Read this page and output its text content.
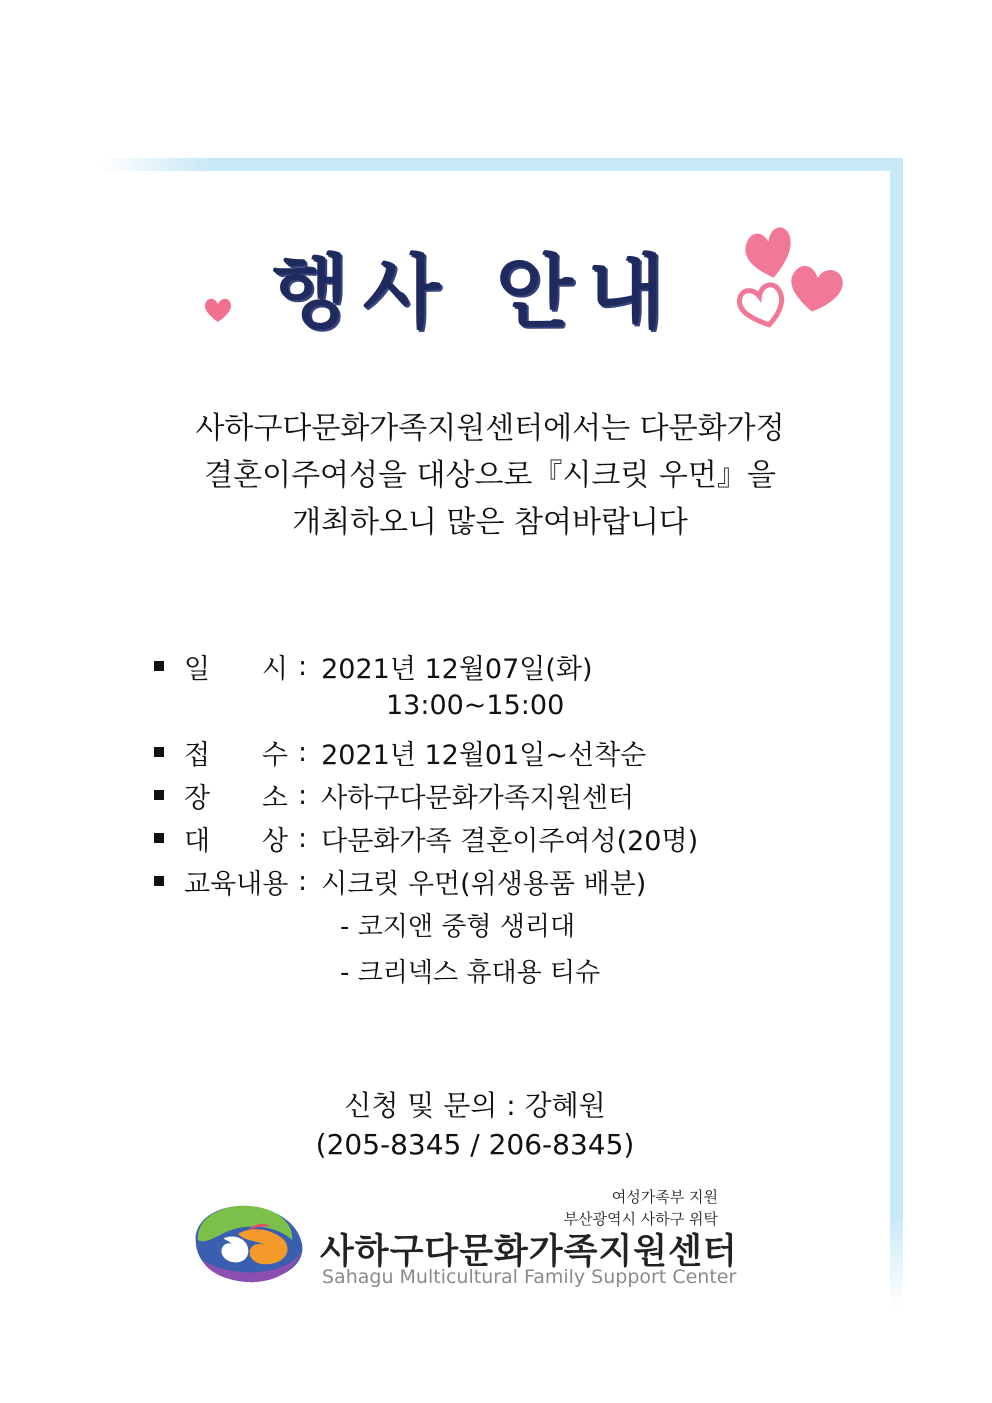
행사 안내
사하구다문화가족지원센터에서는 다문화가정
결혼이주여성을 대상으로『시크릿 우먼』을
개최하오니 많은 참여바랍니다
일 시 : 2021년 12월07일(화)
13:00~15:00
접 수 : 2021년 12월01일~선착순
장 소 : 사하구다문화가족지원센터
대 상 : 다문화가족 결혼이주여성(20명)
교육내용 : 시크릿 우먼(위생용품 배분)
- 코지앤 중형 생리대
- 크리넥스 휴대용 티슈
신청 및 문의 : 강혜원
(205-8345 / 206-8345)
여성가족부 지원
부산광역시 사하구 위탁
사하구다문화가족지원센터
Sahagu Multicultural Family Support Center
